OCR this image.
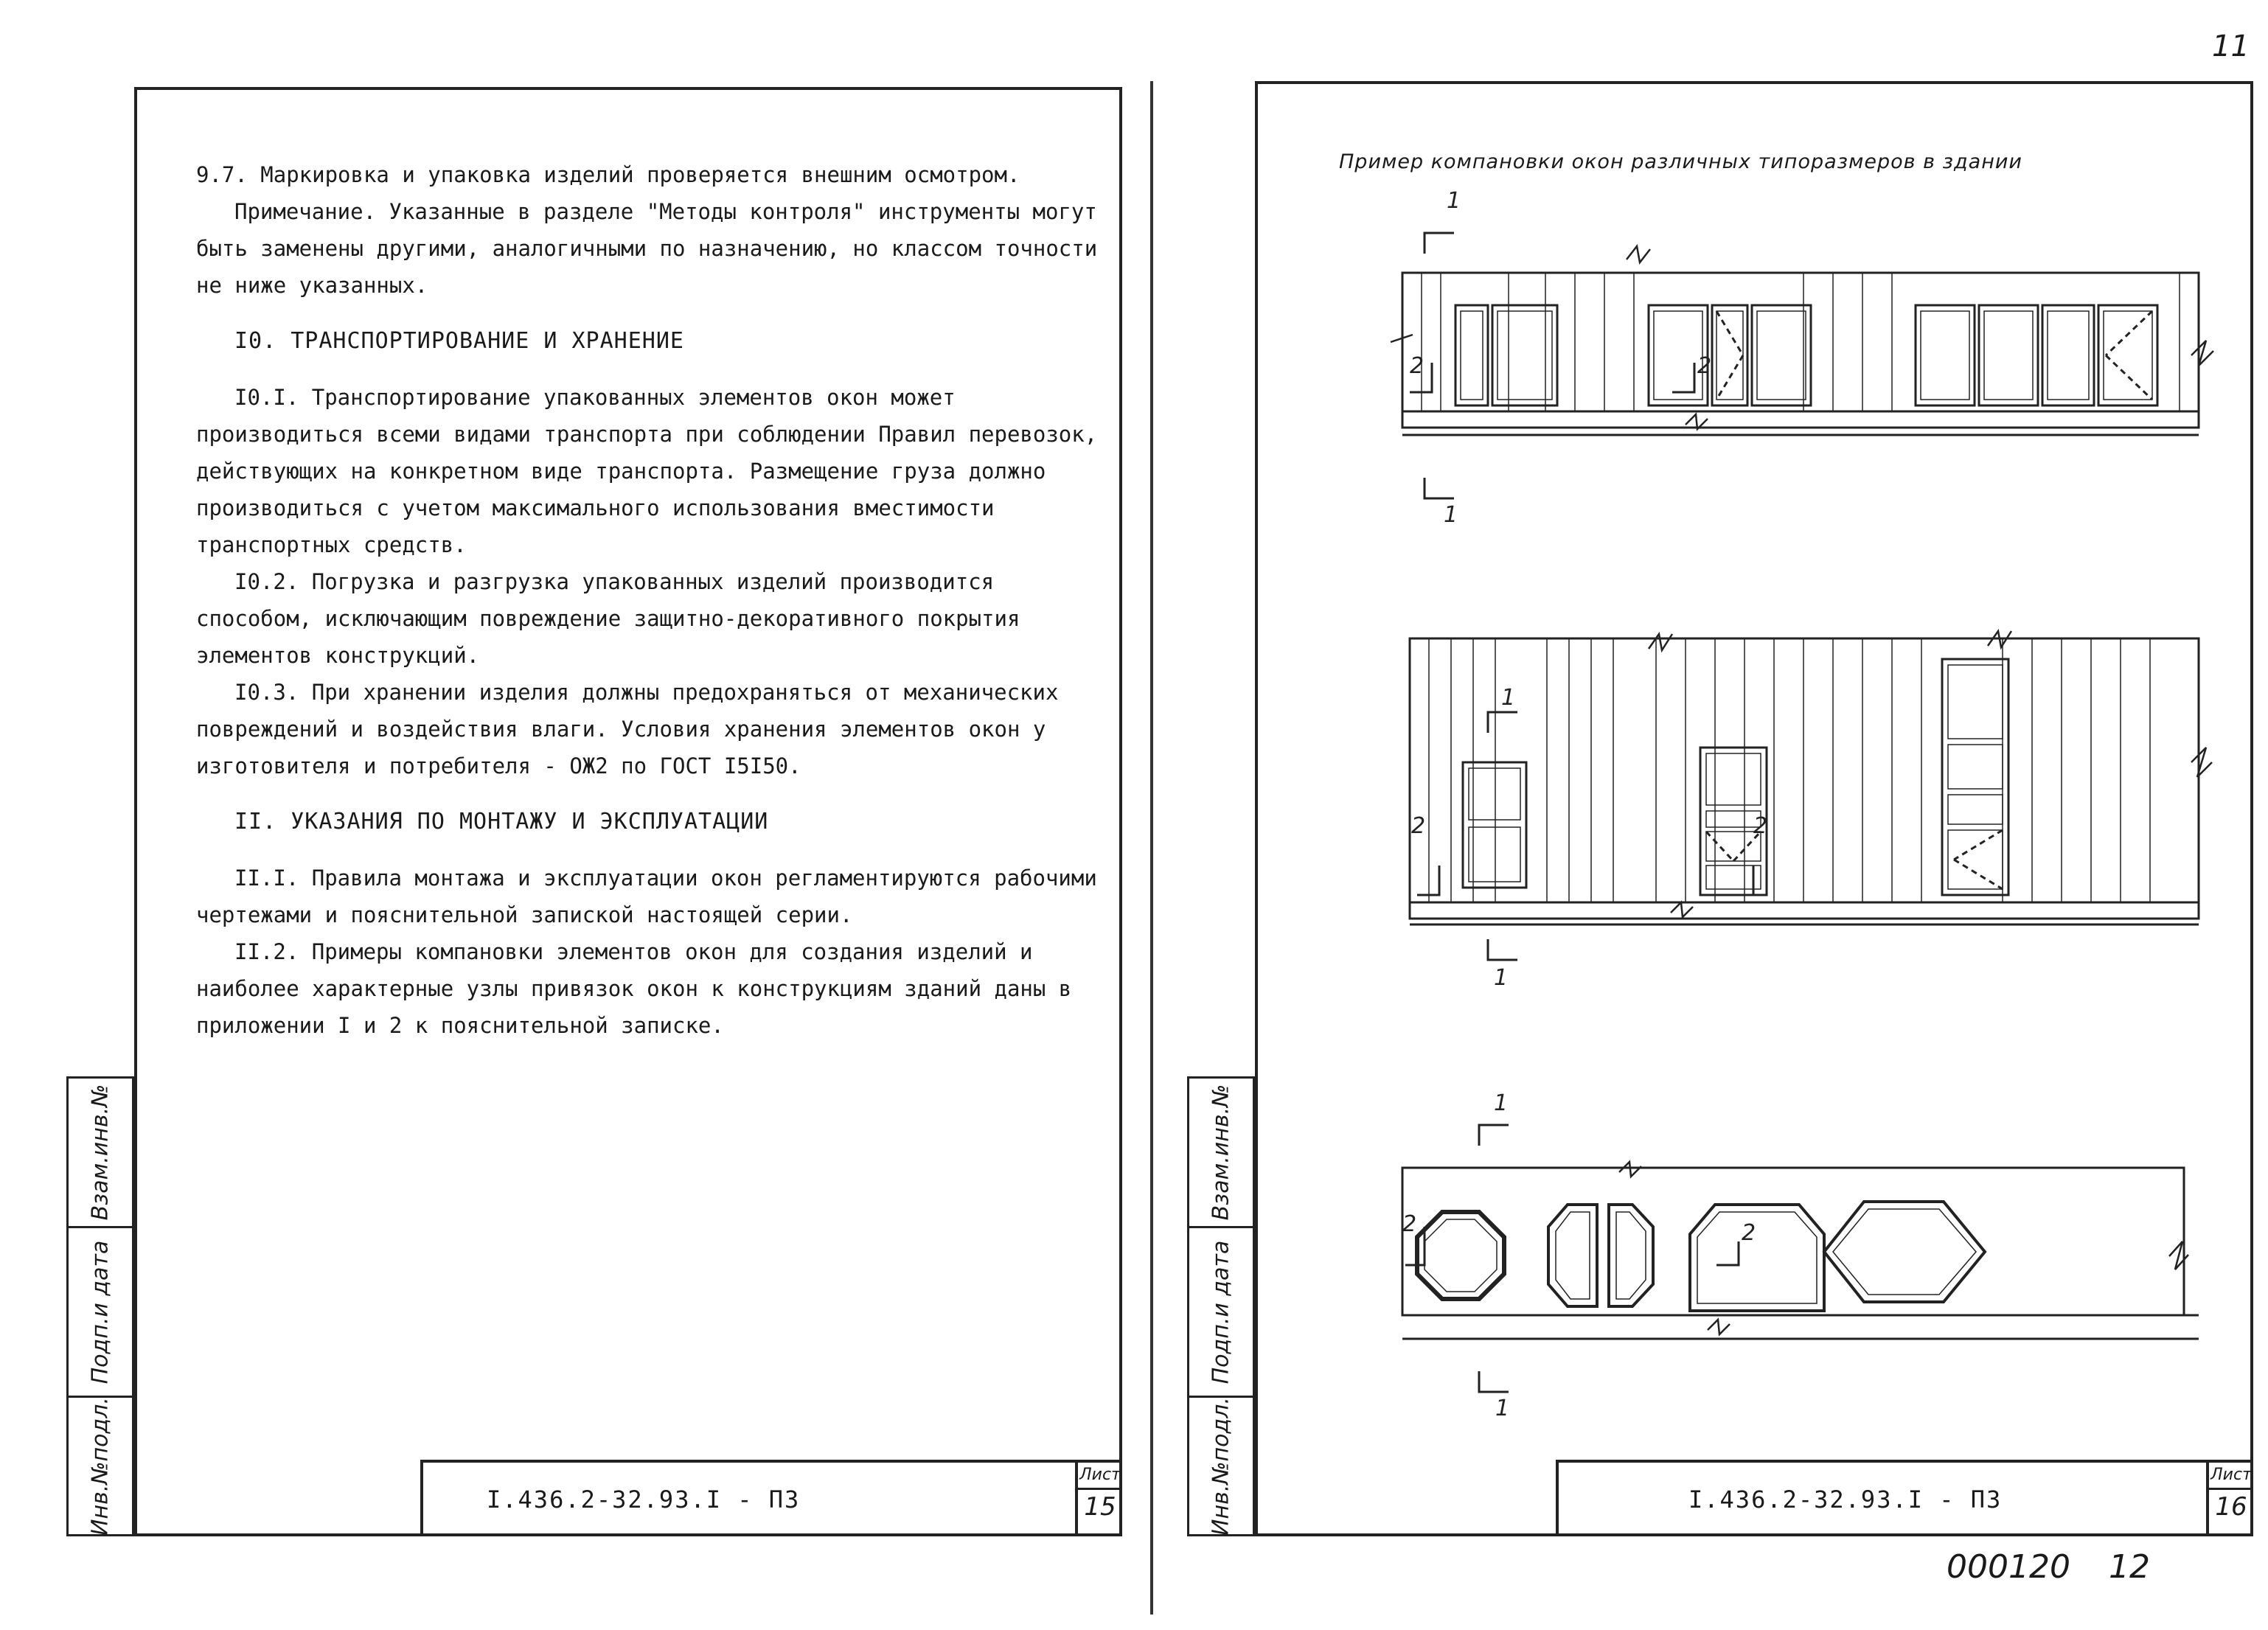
9.7. Маркировка и упаковка изделий проверяется внешним осмотром.

Примечание. Указанные в разделе "Методы контроля" инструменты могут быть заменены другими, аналогичными по назначению, но классом точности не ниже указанных.

I0. ТРАНСПОРТИРОВАНИЕ И ХРАНЕНИЕ

I0.I. Транспортирование упакованных элементов окон может производиться всеми видами транспорта при соблюдении Правил перевозок, действующих на конкретном виде транспорта. Размещение груза должно производиться с учетом максимального использования вместимости транспортных средств.

I0.2. Погрузка и разгрузка упакованных изделий производится способом, исключающим повреждение защитно-декоративного покрытия элементов конструкций.

I0.3. При хранении изделия должны предохраняться от механических повреждений и воздействия влаги. Условия хранения элементов окон у изготовителя и потребителя - ОЖ2 по ГОСТ I5I50.

II. УКАЗАНИЯ ПО МОНТАЖУ И ЭКСПЛУАТАЦИИ

II.I. Правила монтажа и эксплуатации окон регламентируются рабочими чертежами и пояснительной запиской настоящей серии.

II.2. Примеры компановки элементов окон для создания изделий и наиболее характерные узлы привязок окон к конструкциям зданий даны в приложении I и 2 к пояснительной записке.

I.436.2-32.93.I - ПЗ
Лист
15
Взам.инв.№
Подп.и дата
Инв.№подл.
Пример компановки окон различных типоразмеров в здании
1
1
2	2
1
1
2	2
1
1
2	2
I.436.2-32.93.I - ПЗ
Лист
16
Взам.инв.№
Подп.и дата
Инв.№подл.
11
000120 12
